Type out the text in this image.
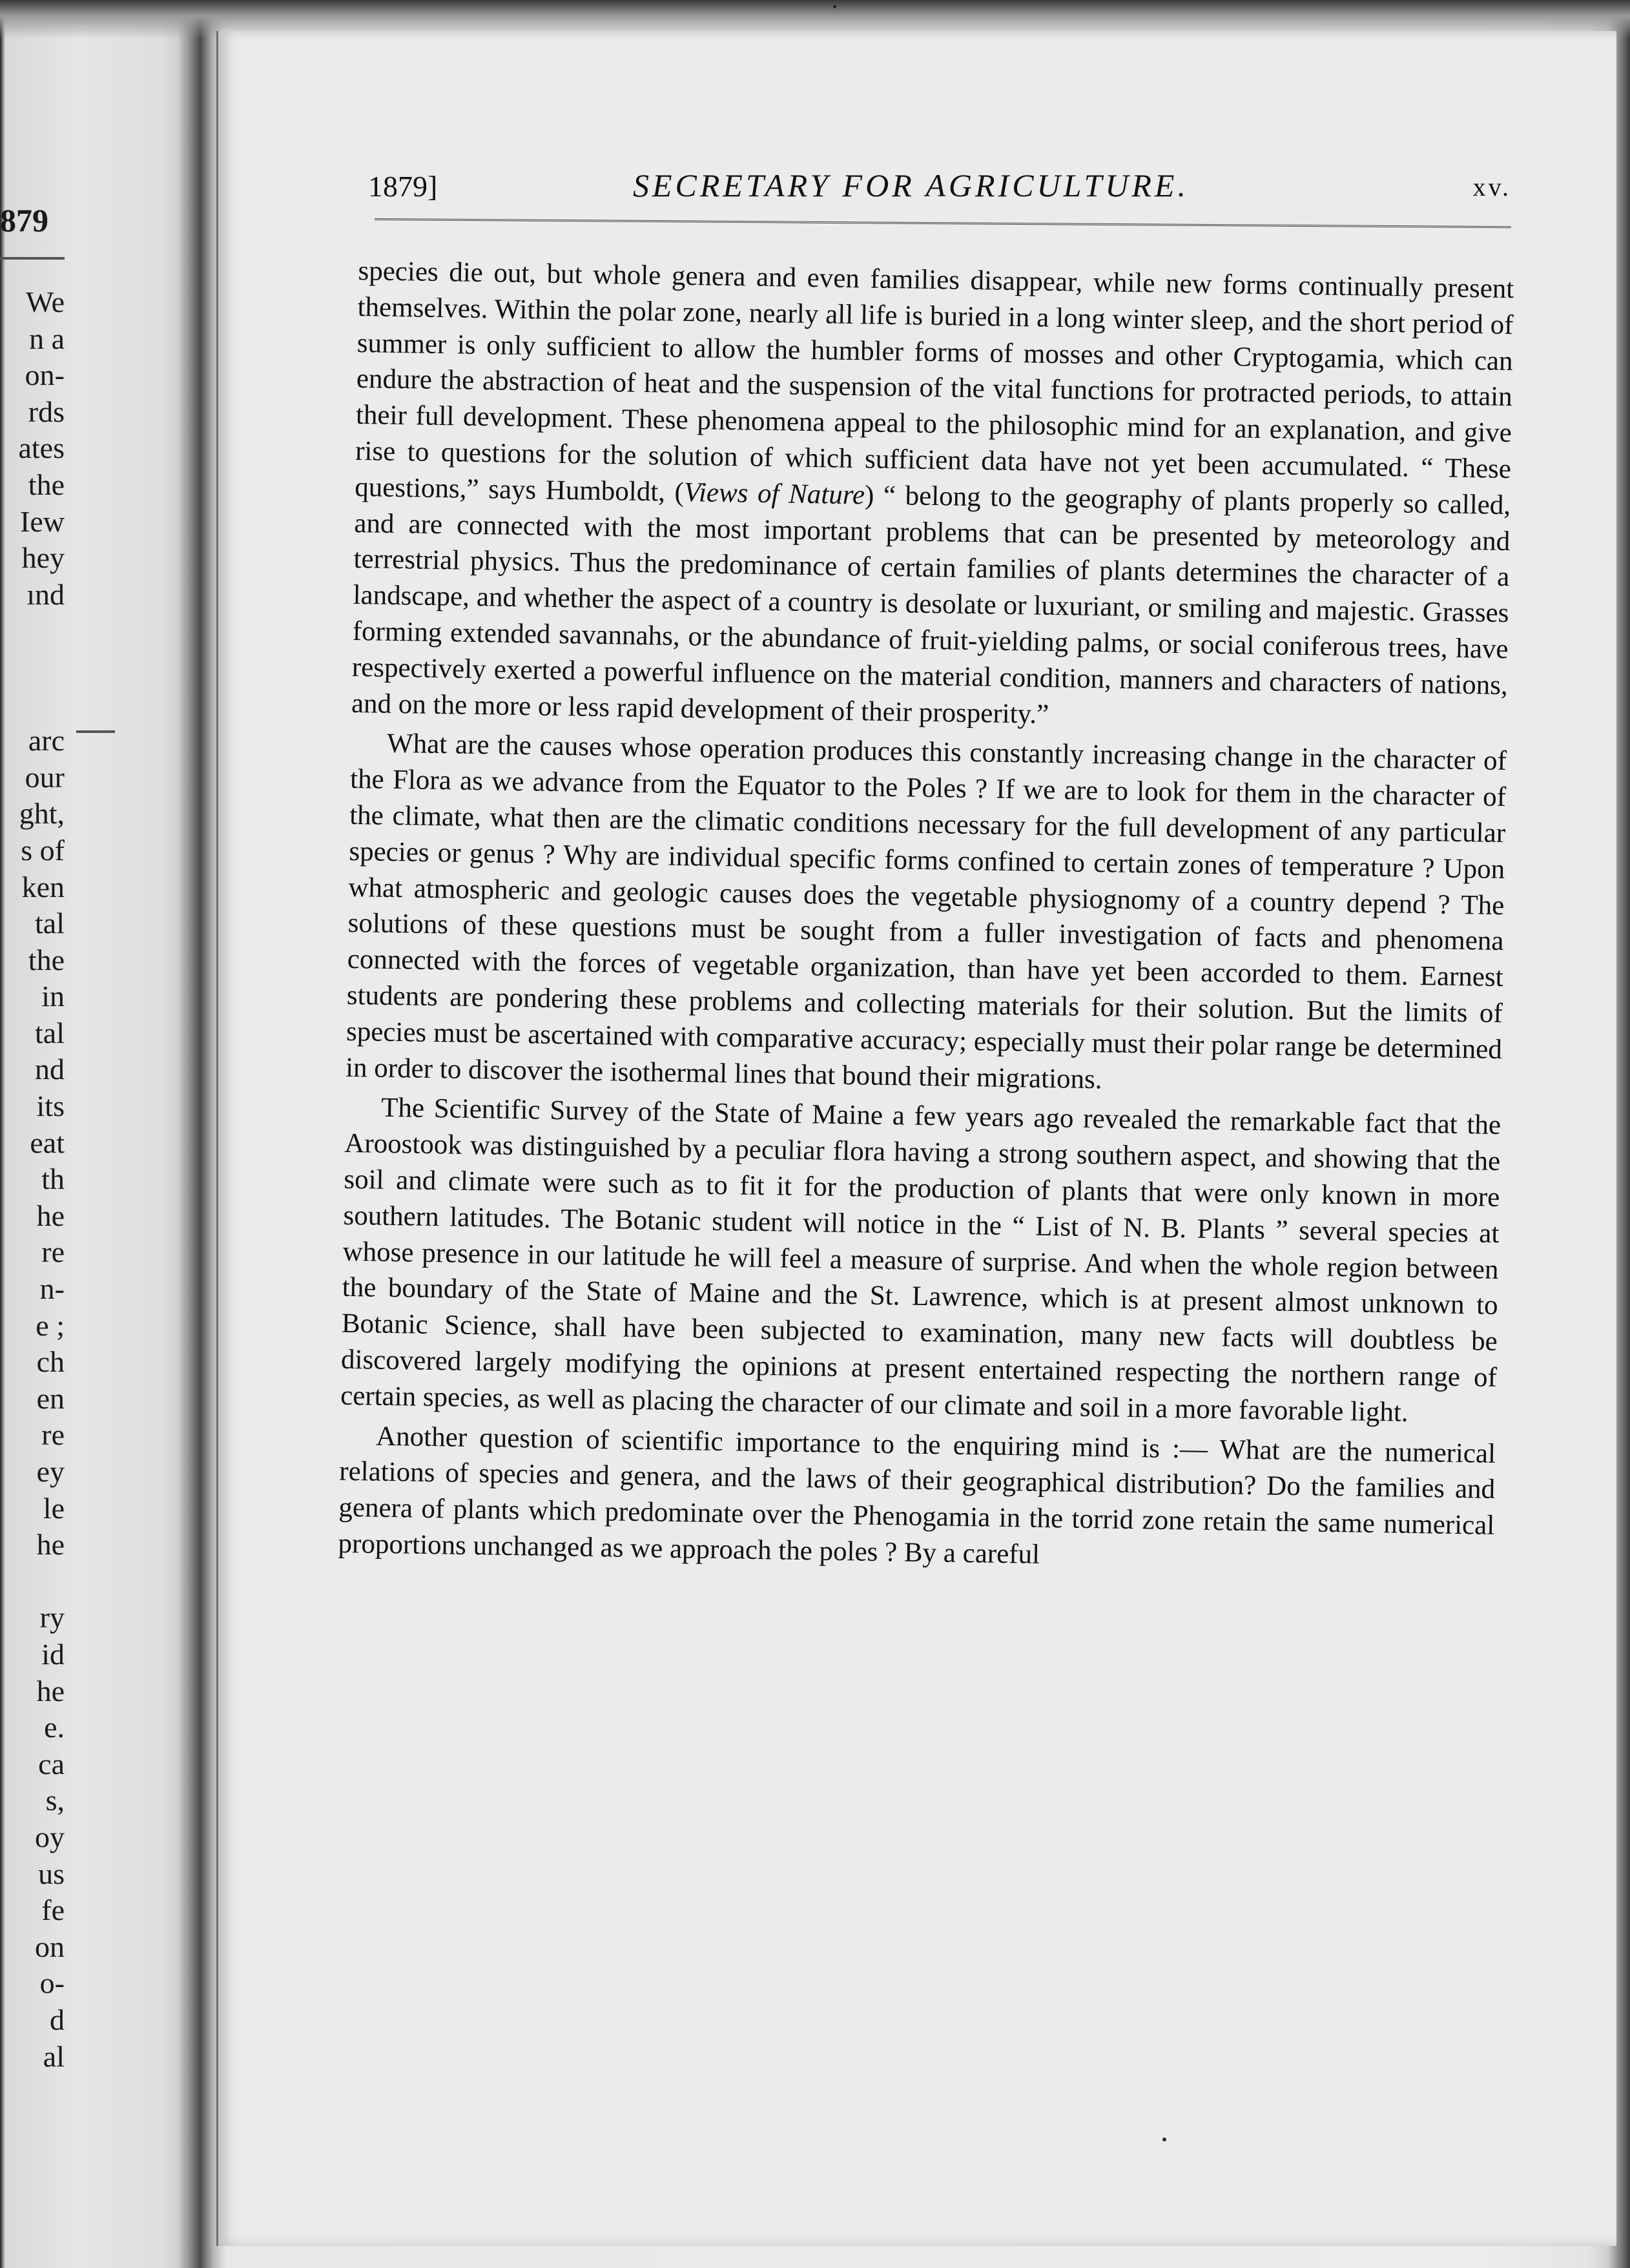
879
We
n a
on-
rds
ates
the
Iew
hey
ınd

arc
our
ght,
s of
ken
tal
the
in
tal
nd
its
eat
th
he
re
n-
e ;
ch
en
re
ey
le
he

ry
id
he
e.
ca
s,
oy
us
fe
on
o-
d
al
1879]	SECRETARY FOR AGRICULTURE.	xv.

species die out, but whole genera and even families disappear, while new forms continually present themselves. Within the polar zone, nearly all life is buried in a long winter sleep, and the short period of summer is only sufficient to allow the humbler forms of mosses and other Cryptogamia, which can endure the abstraction of heat and the suspension of the vital functions for protracted periods, to attain their full development. These phenomena appeal to the philosophic mind for an explanation, and give rise to questions for the solution of which sufficient data have not yet been accumulated. “ These questions,” says Humboldt, (Views of Nature) “ belong to the geography of plants properly so called, and are connected with the most important problems that can be presented by meteorology and terrestrial physics. Thus the predominance of certain families of plants determines the character of a landscape, and whether the aspect of a country is desolate or luxuriant, or smiling and majestic. Grasses forming extended savannahs, or the abundance of fruit-yielding palms, or social coniferous trees, have respectively exerted a powerful influence on the material condition, manners and characters of nations, and on the more or less rapid development of their prosperity.”

What are the causes whose operation produces this constantly increasing change in the character of the Flora as we advance from the Equator to the Poles ? If we are to look for them in the character of the climate, what then are the climatic conditions necessary for the full development of any particular species or genus ? Why are individual specific forms confined to certain zones of temperature ? Upon what atmospheric and geologic causes does the vegetable physiognomy of a country depend ? The solutions of these questions must be sought from a fuller investigation of facts and phenomena connected with the forces of vegetable organization, than have yet been accorded to them. Earnest students are pondering these problems and collecting materials for their solution. But the limits of species must be ascertained with comparative accuracy; especially must their polar range be determined in order to discover the isothermal lines that bound their migrations.

The Scientific Survey of the State of Maine a few years ago revealed the remarkable fact that the Aroostook was distinguished by a peculiar flora having a strong southern aspect, and showing that the soil and climate were such as to fit it for the production of plants that were only known in more southern latitudes. The Botanic student will notice in the “ List of N. B. Plants ” several species at whose presence in our latitude he will feel a measure of surprise. And when the whole region between the boundary of the State of Maine and the St. Lawrence, which is at present almost unknown to Botanic Science, shall have been subjected to examination, many new facts will doubtless be discovered largely modifying the opinions at present entertained respecting the northern range of certain species, as well as placing the character of our climate and soil in a more favorable light.

Another question of scientific importance to the enquiring mind is :— What are the numerical relations of species and genera, and the laws of their geographical distribution? Do the families and genera of plants which predominate over the Phenogamia in the torrid zone retain the same numerical proportions unchanged as we approach the poles ? By a careful
